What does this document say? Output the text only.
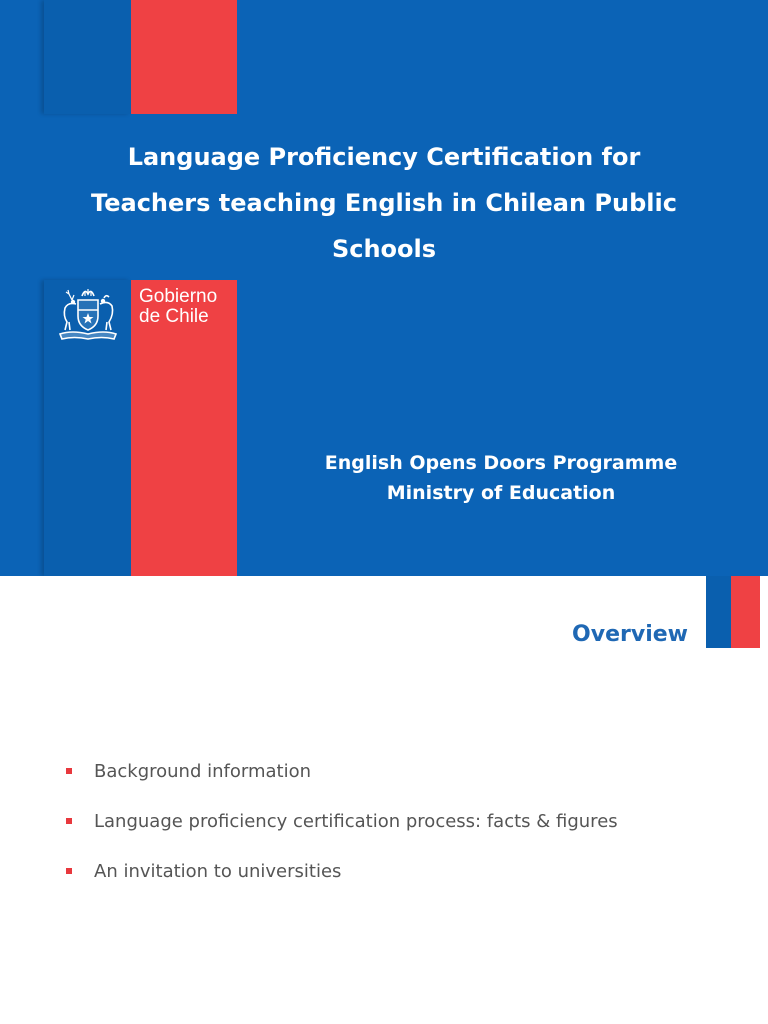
Language Proficiency Certification for
Teachers teaching English in Chilean Public
Schools
Gobierno
de Chile
English Opens Doors Programme
Ministry of Education
Overview
Background information
Language proficiency certification process: facts & figures
An invitation to universities
